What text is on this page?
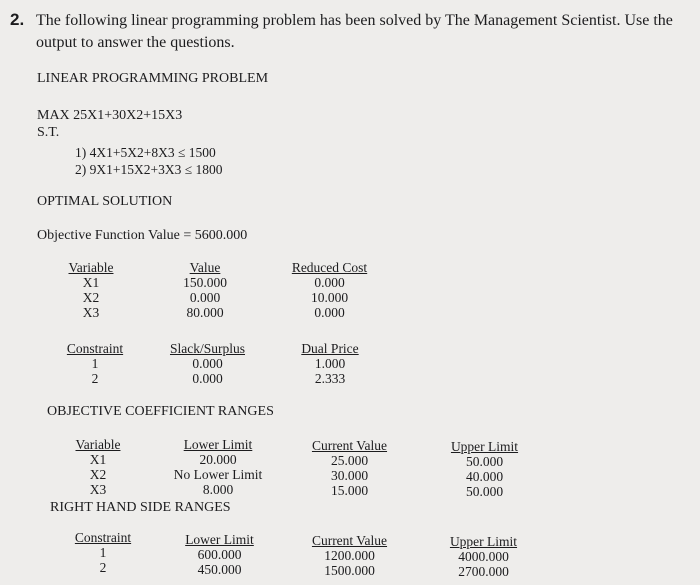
2. The following linear programming problem has been solved by The Management Scientist. Use the
output to answer the questions.
LINEAR PROGRAMMING PROBLEM
MAX 25X1+30X2+15X3
S.T.
1) 4X1+5X2+8X3 ≤ 1500
2) 9X1+15X2+3X3 ≤ 1800
OPTIMAL SOLUTION
Objective Function Value = 5600.000
Variable
X1
X2
X3
Value
150.000
0.000
80.000
Reduced Cost
0.000
10.000
0.000
Constraint
1
2
Slack/Surplus
0.000
0.000
Dual Price
1.000
2.333
OBJECTIVE COEFFICIENT RANGES
Variable
X1
X2
X3
Lower Limit
20.000
No Lower Limit
8.000
Current Value
25.000
30.000
15.000
Upper Limit
50.000
40.000
50.000
RIGHT HAND SIDE RANGES
Constraint
1
2
Lower Limit
600.000
450.000
Current Value
1200.000
1500.000
Upper Limit
4000.000
2700.000
